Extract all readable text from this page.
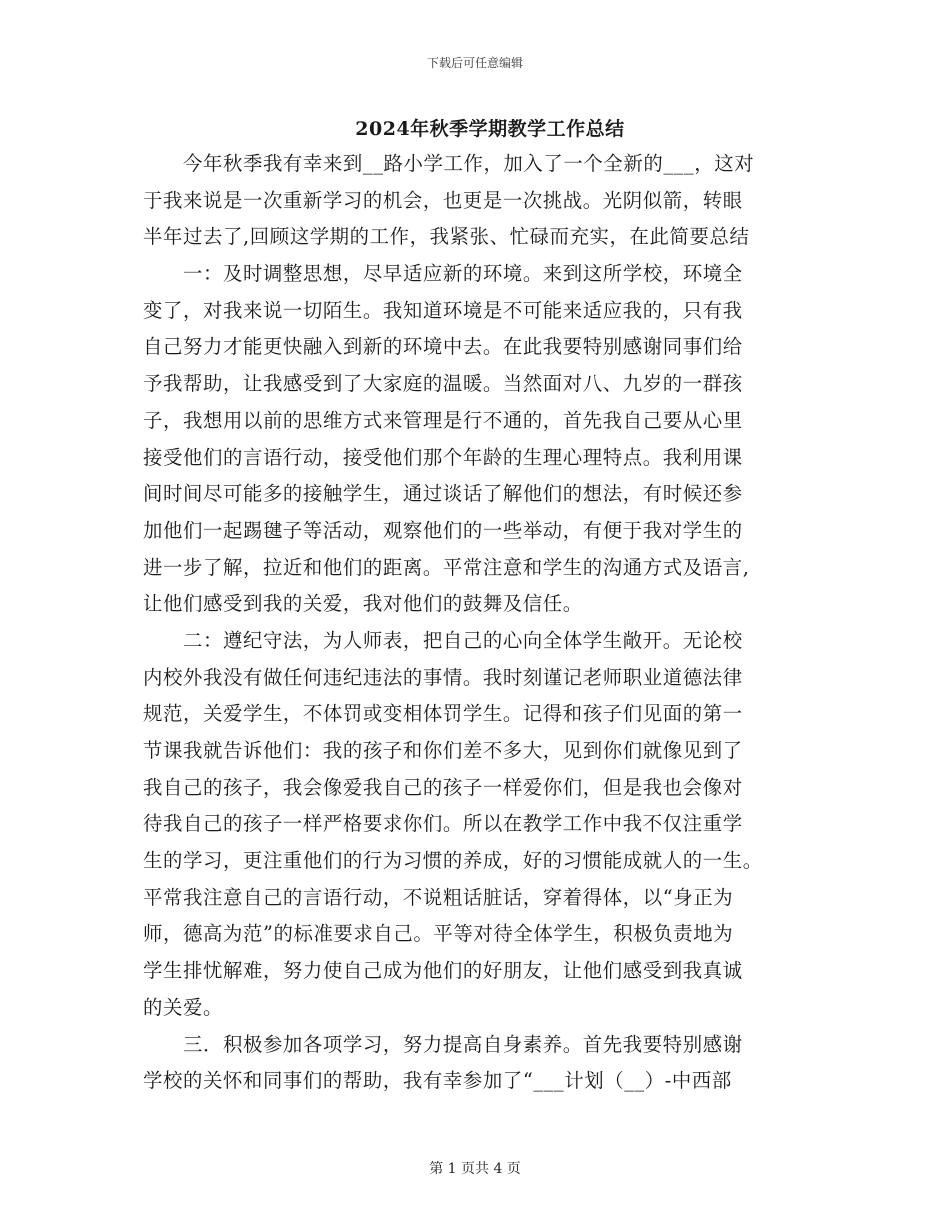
下载后可任意编辑
2024年秋季学期教学工作总结
　　今年秋季我有幸来到__路小学工作，加入了一个全新的___，这对
于我来说是一次重新学习的机会，也更是一次挑战。光阴似箭，转眼
半年过去了,回顾这学期的工作，我紧张、忙碌而充实，在此简要总结
　　一：及时调整思想，尽早适应新的环境。来到这所学校，环境全
变了，对我来说一切陌生。我知道环境是不可能来适应我的，只有我
自己努力才能更快融入到新的环境中去。在此我要特别感谢同事们给
予我帮助，让我感受到了大家庭的温暖。当然面对八、九岁的一群孩
子，我想用以前的思维方式来管理是行不通的，首先我自己要从心里
接受他们的言语行动，接受他们那个年龄的生理心理特点。我利用课
间时间尽可能多的接触学生，通过谈话了解他们的想法，有时候还参
加他们一起踢毽子等活动，观察他们的一些举动，有便于我对学生的
进一步了解，拉近和他们的距离。平常注意和学生的沟通方式及语言,
让他们感受到我的关爱，我对他们的鼓舞及信任。
　　二：遵纪守法，为人师表，把自己的心向全体学生敞开。无论校
内校外我没有做任何违纪违法的事情。我时刻谨记老师职业道德法律
规范，关爱学生，不体罚或变相体罚学生。记得和孩子们见面的第一
节课我就告诉他们：我的孩子和你们差不多大，见到你们就像见到了
我自己的孩子，我会像爱我自己的孩子一样爱你们，但是我也会像对
待我自己的孩子一样严格要求你们。所以在教学工作中我不仅注重学
生的学习，更注重他们的行为习惯的养成，好的习惯能成就人的一生。
平常我注意自己的言语行动，不说粗话脏话，穿着得体，以“身正为
师，德高为范”的标准要求自己。平等对待全体学生，积极负责地为
学生排忧解难，努力使自己成为他们的好朋友，让他们感受到我真诚
的关爱。
　　三．积极参加各项学习，努力提高自身素养。首先我要特别感谢
学校的关怀和同事们的帮助，我有幸参加了“___计划（__）-中西部
第 1 页共 4 页
